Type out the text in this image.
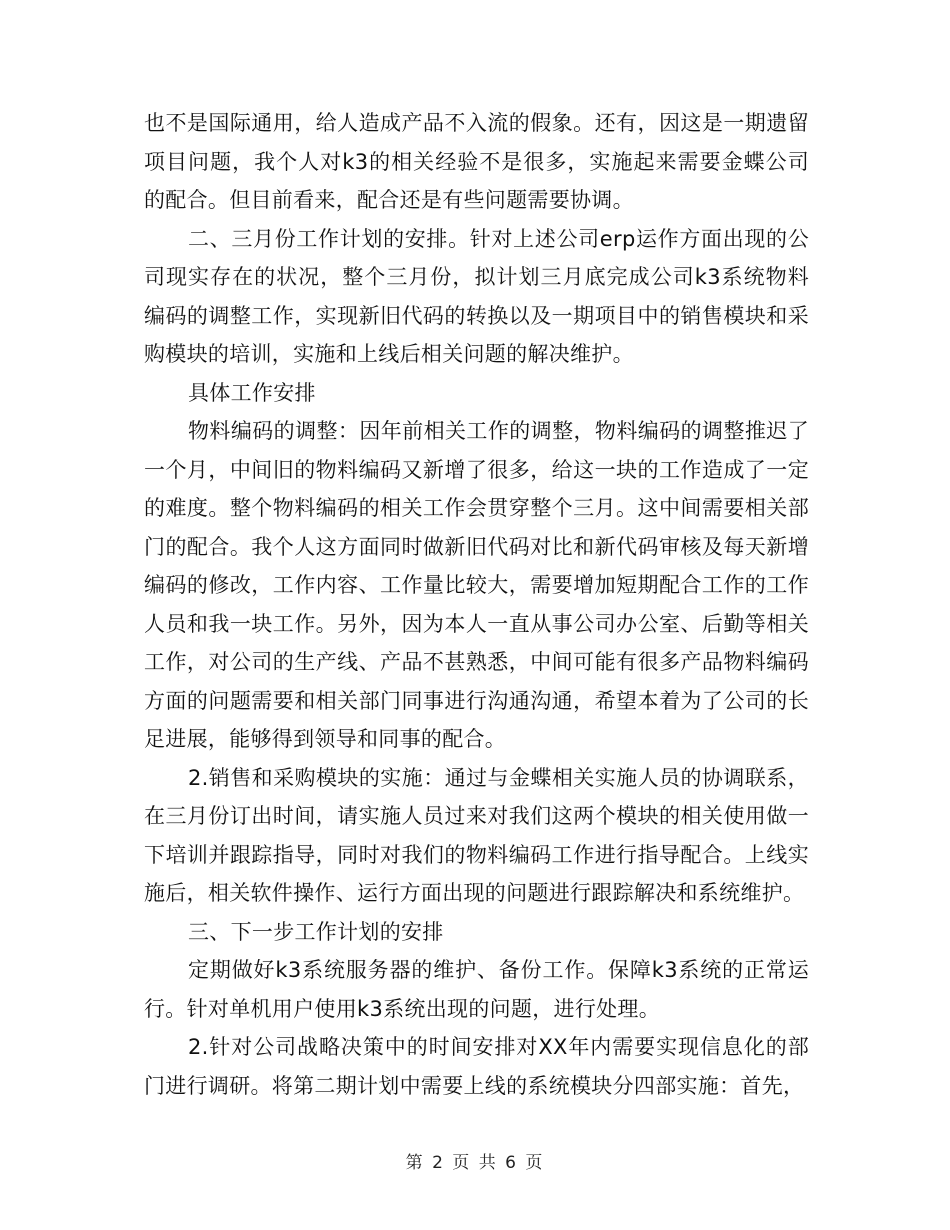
也不是国际通用，给人造成产品不入流的假象。还有，因这是一期遗留项目问题，我个人对k3的相关经验不是很多，实施起来需要金蝶公司的配合。但目前看来，配合还是有些问题需要协调。

二、三月份工作计划的安排。针对上述公司erp运作方面出现的公司现实存在的状况，整个三月份，拟计划三月底完成公司k3系统物料编码的调整工作，实现新旧代码的转换以及一期项目中的销售模块和采购模块的培训，实施和上线后相关问题的解决维护。

具体工作安排

物料编码的调整：因年前相关工作的调整，物料编码的调整推迟了一个月，中间旧的物料编码又新增了很多，给这一块的工作造成了一定的难度。整个物料编码的相关工作会贯穿整个三月。这中间需要相关部门的配合。我个人这方面同时做新旧代码对比和新代码审核及每天新增编码的修改，工作内容、工作量比较大，需要增加短期配合工作的工作人员和我一块工作。另外，因为本人一直从事公司办公室、后勤等相关工作，对公司的生产线、产品不甚熟悉，中间可能有很多产品物料编码方面的问题需要和相关部门同事进行沟通沟通，希望本着为了公司的长足进展，能够得到领导和同事的配合。

2.销售和采购模块的实施：通过与金蝶相关实施人员的协调联系，在三月份订出时间，请实施人员过来对我们这两个模块的相关使用做一下培训并跟踪指导，同时对我们的物料编码工作进行指导配合。上线实施后，相关软件操作、运行方面出现的问题进行跟踪解决和系统维护。

三、下一步工作计划的安排

定期做好k3系统服务器的维护、备份工作。保障k3系统的正常运行。针对单机用户使用k3系统出现的问题，进行处理。

2.针对公司战略决策中的时间安排对XX年内需要实现信息化的部门进行调研。将第二期计划中需要上线的系统模块分四部实施：首先，

第 2 页 共 6 页
